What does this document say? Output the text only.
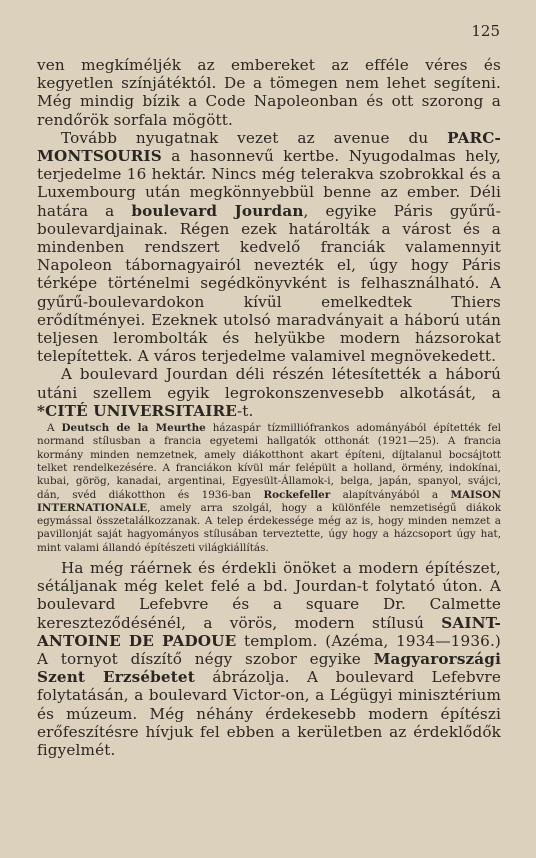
125

ven megkíméljék az embereket az efféle véres és kegyetlen színjátéktól. De a tömegen nem lehet segíteni. Még mindig bízik a Code Napoleonban és ott szorong a rendőrök sorfala mögött.

Tovább nyugatnak vezet az avenue du PARC-MONTSOURIS a hasonnevű kertbe. Nyugodalmas hely, terjedelme 16 hektár. Nincs még telerakva szobrokkal és a Luxembourg után megkönnyebbül benne az ember. Déli határa a boulevard Jourdan, egyike Páris gyűrű-boulevardjainak. Régen ezek határolták a várost és a mindenben rendszert kedvelő franciák valamennyit Napoleon tábornagyairól nevezték el, úgy hogy Páris térképe történelmi segédkönyvként is felhasználható. A gyűrű-boulevardokon kívül emelkedtek Thiers erődítményei. Ezeknek utolsó maradványait a háború után teljesen lerombolták és helyükbe modern házsorokat telepítettek. A város terjedelme valamivel megnövekedett.

A boulevard Jourdan déli részén létesítették a háború utáni szellem egyik legrokonszenvesebb alkotását, a *CITÉ UNIVERSITAIRE-t.

A Deutsch de la Meurthe házaspár tízmilliófrankos adományából építették fel normand stílusban a francia egyetemi hallgatók otthonát (1921—25). A francia kormány minden nemzetnek, amely diákotthont akart építeni, díjtalanul bocsájtott telket rendelkezésére. A franciákon kívül már felépült a holland, örmény, indokínai, kubai, görög, kanadai, argentinai, Egyesült-Államok-i, belga, japán, spanyol, svájci, dán, svéd diákotthon és 1936-ban Rockefeller alapítványából a MAISON INTERNATIONALE, amely arra szolgál, hogy a különféle nemzetiségű diákok egymással összetalálkozzanak. A telep érdekessége még az is, hogy minden nemzet a pavillonját saját hagyományos stílusában terveztette, úgy hogy a házcsoport úgy hat, mint valami állandó építészeti világkiállítás.

Ha még ráérnek és érdekli önöket a modern építészet, sétáljanak még kelet felé a bd. Jourdan-t folytató úton. A boulevard Lefebvre és a square Dr. Calmette kereszteződésénél, a vörös, modern stílusú SAINT-ANTOINE DE PADOUE templom. (Azéma, 1934—1936.) A tornyot díszítő négy szobor egyike Magyarországi Szent Erzsébetet ábrázolja. A boulevard Lefebvre folytatásán, a boulevard Victor-on, a Légügyi minisztérium és múzeum. Még néhány érdekesebb modern építészi erőfeszítésre hívjuk fel ebben a kerületben az érdeklődők figyelmét.
